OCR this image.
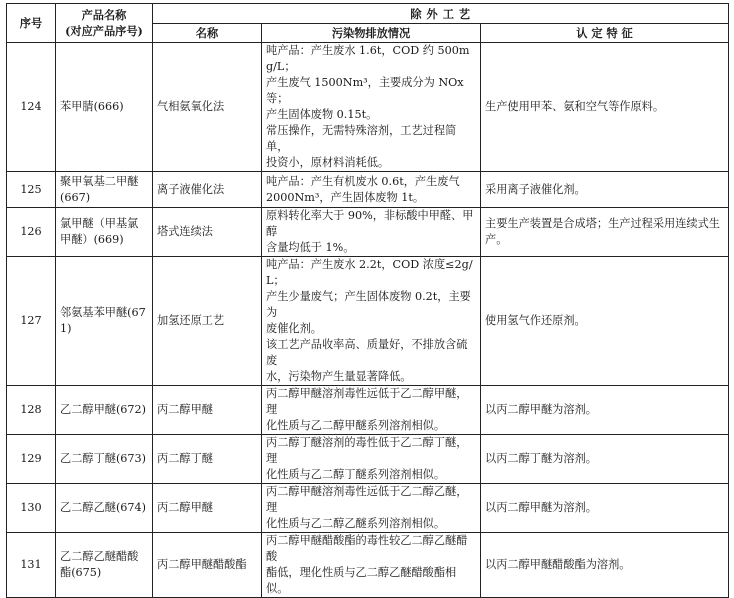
序号	产品名称
(对应产品序号)	除 外 工 艺		
		名称	污染物排放情况	认 定 特 征
124	苯甲腈(666)	气相氨氧化法	吨产品：产生废水 1.6t，COD 约 500mg/L；
产生废气 1500Nm³，主要成分为 NOx 等；
产生固体废物 0.15t。
常压操作，无需特殊溶剂，工艺过程简单，
投资小，原材料消耗低。	生产使用甲苯、氨和空气等作原料。
125	聚甲氧基二甲醚(667)	离子液催化法	吨产品：产生有机废水 0.6t，产生废气
2000Nm³，产生固体废物 1t。	采用离子液催化剂。
126	氯甲醚（甲基氯甲醚）(669)	塔式连续法	原料转化率大于 90%，非标酸中甲醛、甲醇
含量均低于 1%。	主要生产装置是合成塔；生产过程采用连续式生产。
127	邻氨基苯甲醚(671)	加氢还原工艺	吨产品：产生废水 2.2t，COD 浓度≤2g/L；
产生少量废气；产生固体废物 0.2t，主要为
废催化剂。
该工艺产品收率高、质量好，不排放含硫废
水，污染物产生量显著降低。	使用氢气作还原剂。
128	乙二醇甲醚(672)	丙二醇甲醚	丙二醇甲醚溶剂毒性远低于乙二醇甲醚，理
化性质与乙二醇甲醚系列溶剂相似。	以丙二醇甲醚为溶剂。
129	乙二醇丁醚(673)	丙二醇丁醚	丙二醇丁醚溶剂的毒性低于乙二醇丁醚，理
化性质与乙二醇丁醚系列溶剂相似。	以丙二醇丁醚为溶剂。
130	乙二醇乙醚(674)	丙二醇甲醚	丙二醇甲醚溶剂毒性远低于乙二醇乙醚，理
化性质与乙二醇乙醚系列溶剂相似。	以丙二醇甲醚为溶剂。
131	乙二醇乙醚醋酸酯(675)	丙二醇甲醚醋酸酯	丙二醇甲醚醋酸酯的毒性较乙二醇乙醚醋酸
酯低，理化性质与乙二醇乙醚醋酸酯相似。	以丙二醇甲醚醋酸酯为溶剂。
